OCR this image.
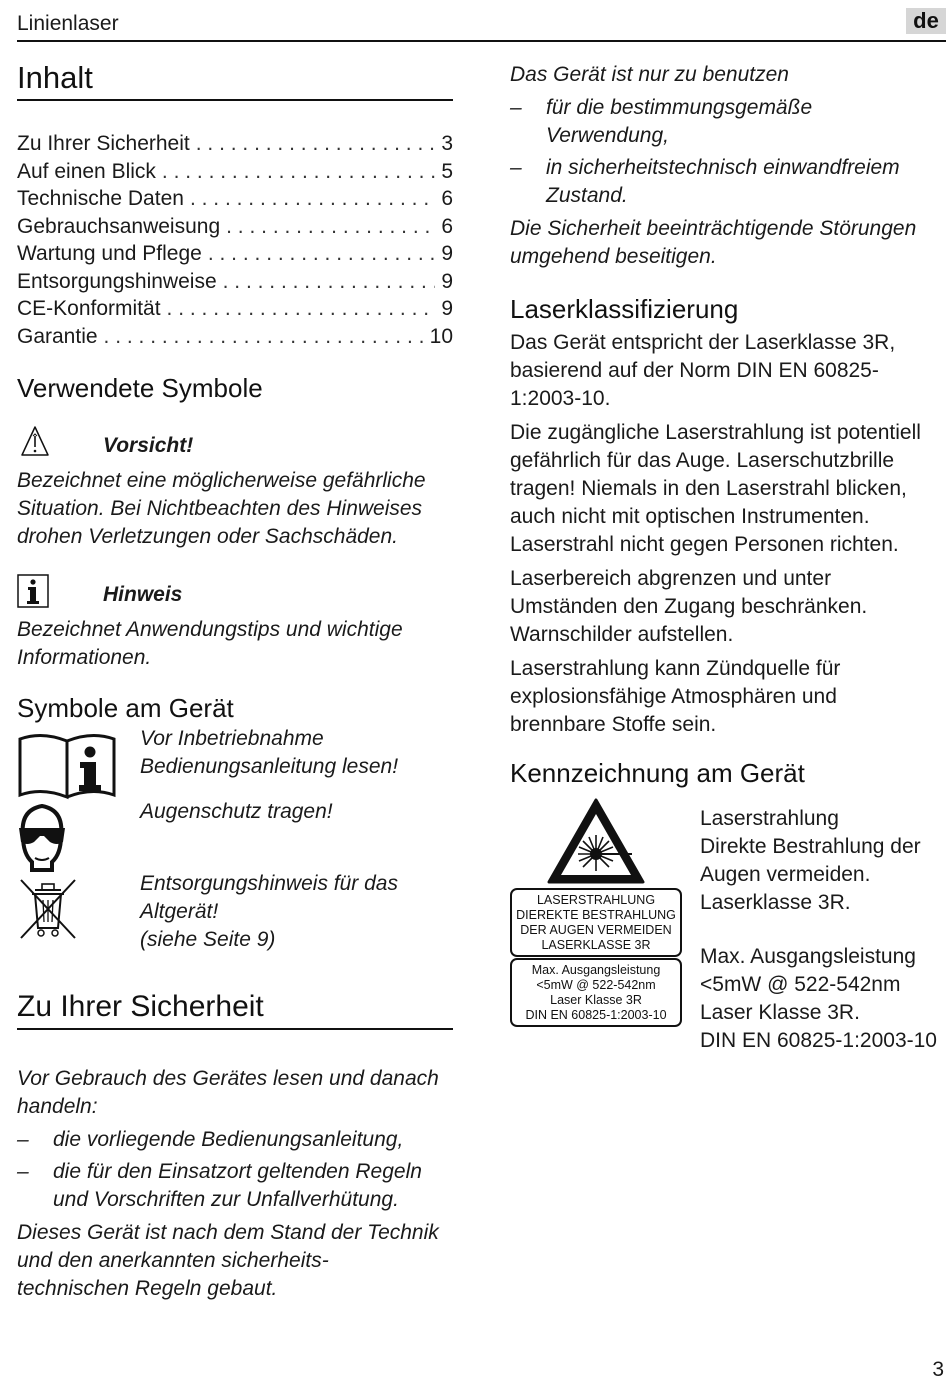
Linienlaser	de
Inhalt
Zu Ihrer Sicherheit . . .	3
Auf einen Blick . . .	5
Technische Daten . . .	6
Gebrauchsanweisung . . .	6
Wartung und Pflege . . .	9
Entsorgungshinweise . . .	9
CE-Konformität . . .	9
Garantie . . .	10
Verwendete Symbole
Vorsicht!
Bezeichnet eine möglicherweise gefährliche
Situation. Bei Nichtbeachten des Hinweises
drohen Verletzungen oder Sachschäden.
Hinweis
Bezeichnet Anwendungstips und wichtige
Informationen.
Symbole am Gerät
Vor Inbetriebnahme
Bedienungsanleitung lesen!
Augenschutz tragen!
Entsorgungshinweis für das
Altgerät!
(siehe Seite 9)
Zu Ihrer Sicherheit
Vor Gebrauch des Gerätes lesen und danach
handeln:
–	die vorliegende Bedienungsanleitung,
–	die für den Einsatzort geltenden Regeln
und Vorschriften zur Unfallverhütung.
Dieses Gerät ist nach dem Stand der Technik
und den anerkannten sicherheits-
technischen Regeln gebaut.
Das Gerät ist nur zu benutzen
–	für die bestimmungsgemäße
Verwendung,
–	in sicherheitstechnisch einwandfreiem
Zustand.
Die Sicherheit beeinträchtigende Störungen
umgehend beseitigen.
Laserklassifizierung
Das Gerät entspricht der Laserklasse 3R,
basierend auf der Norm DIN EN 60825-
1:2003-10.
Die zugängliche Laserstrahlung ist potentiell
gefährlich für das Auge. Laserschutzbrille
tragen! Niemals in den Laserstrahl blicken,
auch nicht mit optischen Instrumenten.
Laserstrahl nicht gegen Personen richten.
Laserbereich abgrenzen und unter
Umständen den Zugang beschränken.
Warnschilder aufstellen.
Laserstrahlung kann Zündquelle für
explosionsfähige Atmosphären und
brennbare Stoffe sein.
Kennzeichnung am Gerät
LASERSTRAHLUNG
DIEREKTE BESTRAHLUNG
DER AUGEN VERMEIDEN
LASERKLASSE 3R
Max. Ausgangsleistung
<5mW @ 522-542nm
Laser Klasse 3R
DIN EN 60825-1:2003-10
Laserstrahlung
Direkte Bestrahlung der
Augen vermeiden.
Laserklasse 3R.
Max. Ausgangsleistung
<5mW @ 522-542nm
Laser Klasse 3R.
DIN EN 60825-1:2003-10
3
